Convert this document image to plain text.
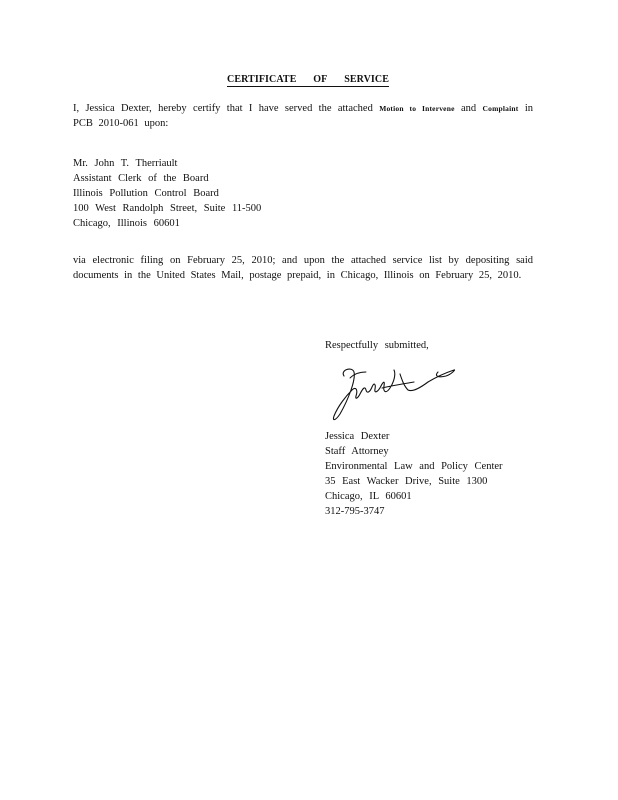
CERTIFICATE OF SERVICE
I, Jessica Dexter, hereby certify that I have served the attached Motion to Intervene and Complaint in PCB 2010-061 upon:
Mr. John T. Therriault
Assistant Clerk of the Board
Illinois Pollution Control Board
100 West Randolph Street, Suite 11-500
Chicago, Illinois 60601
via electronic filing on February 25, 2010; and upon the attached service list by depositing said documents in the United States Mail, postage prepaid, in Chicago, Illinois on February 25, 2010.
Respectfully submitted,
Jessica Dexter
Staff Attorney
Environmental Law and Policy Center
35 East Wacker Drive, Suite 1300
Chicago, IL 60601
312-795-3747
